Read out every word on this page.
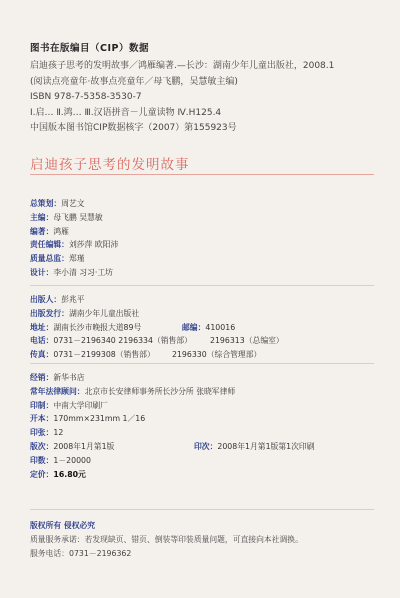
图书在版编目（CIP）数据
启迪孩子思考的发明故事／鸿雁编著.—长沙：湖南少年儿童出版社，2008.1
(阅读点亮童年·故事点亮童年／母飞鹏，吴慧敏主编)
ISBN 978-7-5358-3530-7
Ⅰ.启… Ⅱ.鸿… Ⅲ.汉语拼音－儿童读物 Ⅳ.H125.4
中国版本图书馆CIP数据核字（2007）第155923号
启迪孩子思考的发明故事
总策划：周艺文
主编：母飞鹏 吴慧敏
编著：鸿雁
责任编辑：刘莎萍 欧阳沛
质量总监：郑瑾
设计：李小清 习习·工坊
出版人：彭兆平
出版发行：湖南少年儿童出版社
地址：湖南长沙市晚报大道89号	邮编：410016
电话：0731－2196340 2196334（销售部） 2196313（总编室）
传真：0731－2199308（销售部） 2196330（综合管理部）
经销：新华书店
常年法律顾问：北京市长安律师事务所长沙分所 张晓军律师
印制：中南大学印刷厂
开本：170mm×231mm 1／16
印张：12
版次：2008年1月第1版	印次：2008年1月第1版第1次印刷
印数：1－20000
定价：16.80元
版权所有 侵权必究
质量服务承诺：若发现缺页、错页、倒装等印装质量问题，可直接向本社调换。
服务电话：0731－2196362
